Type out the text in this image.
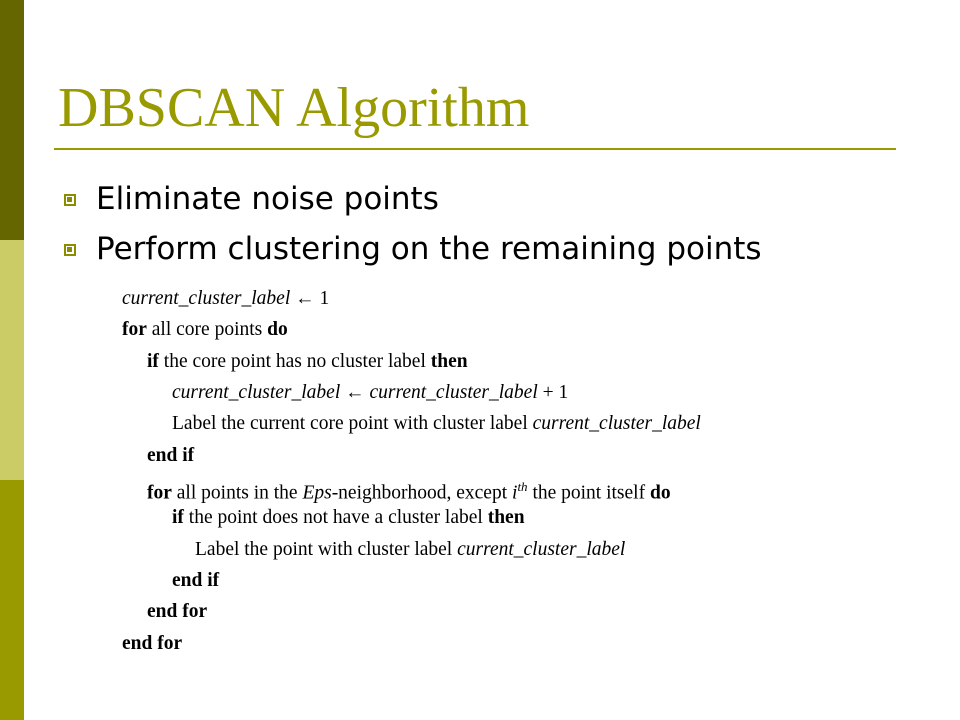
DBSCAN Algorithm
Eliminate noise points
Perform clustering on the remaining points
current_cluster_label ← 1
for all core points do
if the core point has no cluster label then
current_cluster_label ← current_cluster_label + 1
Label the current core point with cluster label current_cluster_label
end if
for all points in the Eps-neighborhood, except $i^{th}$ the point itself do
if the point does not have a cluster label then
Label the point with cluster label current_cluster_label
end if
end for
end for
